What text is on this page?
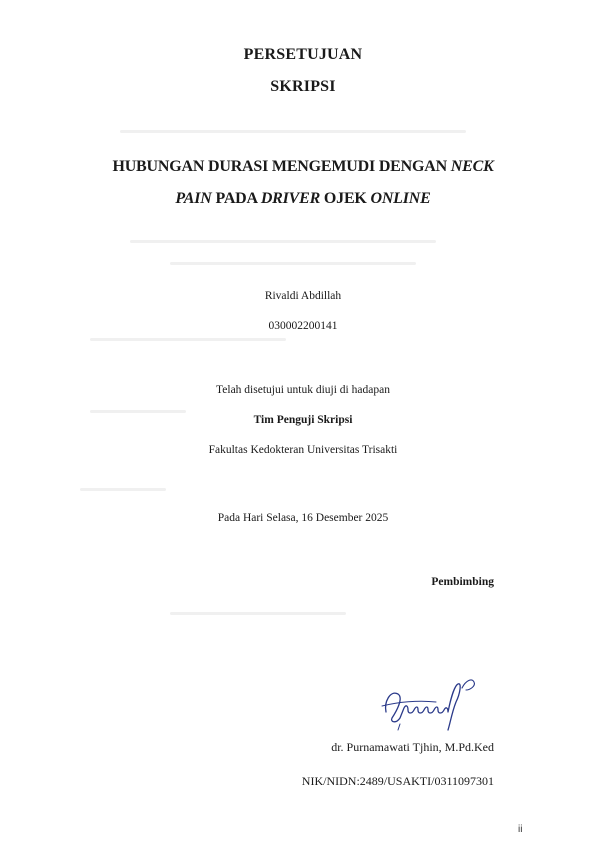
PERSETUJUAN
SKRIPSI
HUBUNGAN DURASI MENGEMUDI DENGAN NECK
PAIN PADA DRIVER OJEK ONLINE
Rivaldi Abdillah
030002200141
Telah disetujui untuk diuji di hadapan
Tim Penguji Skripsi
Fakultas Kedokteran Universitas Trisakti
Pada Hari Selasa, 16 Desember 2025
Pembimbing
dr. Purnamawati Tjhin, M.Pd.Ked
NIK/NIDN:2489/USAKTI/0311097301
ii
